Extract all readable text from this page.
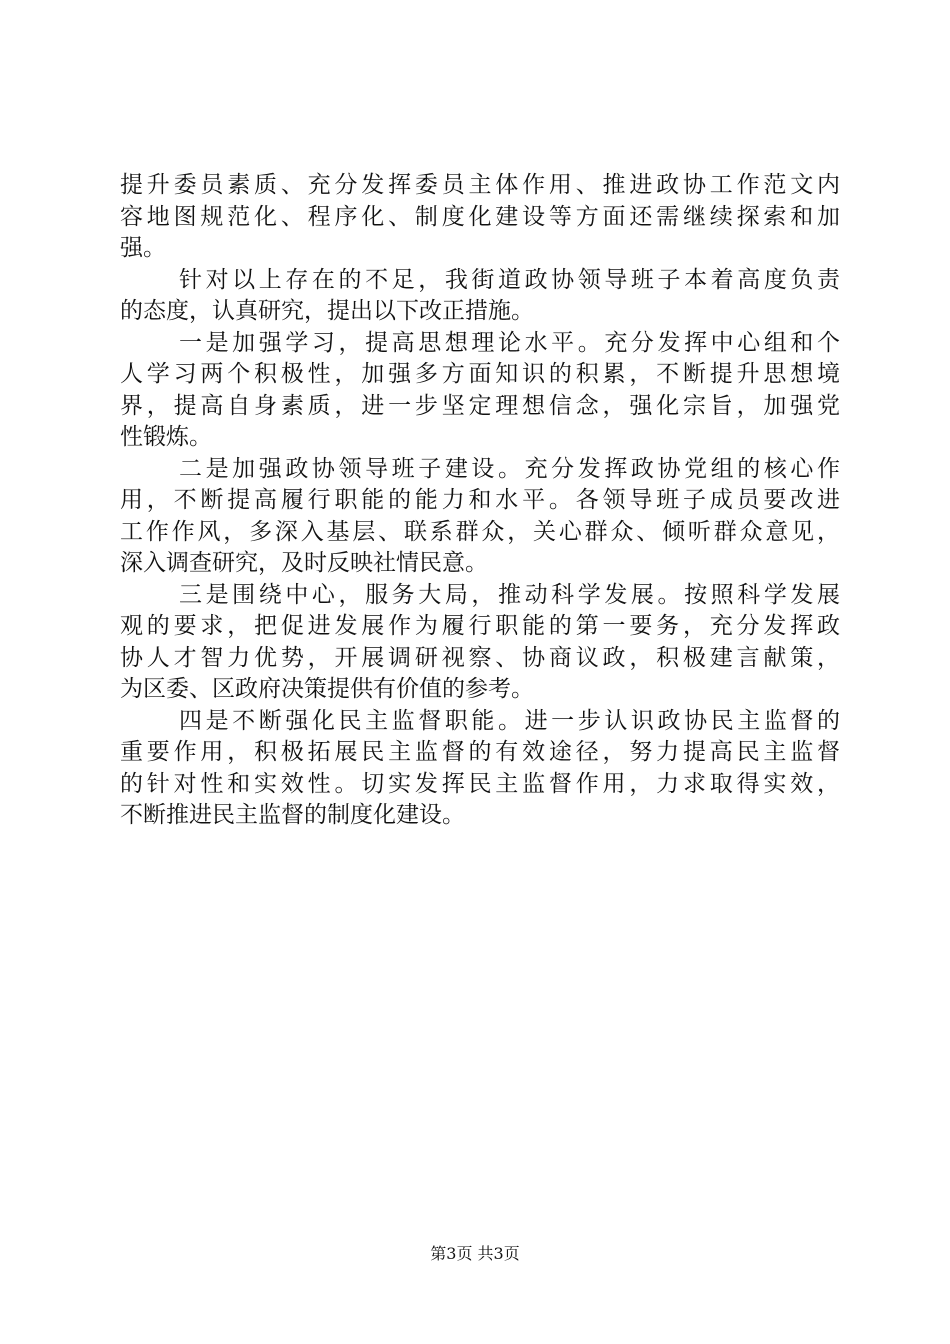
提升委员素质、充分发挥委员主体作用、推进政协工作范文内
容地图规范化、程序化、制度化建设等方面还需继续探索和加
强。
针对以上存在的不足，我街道政协领导班子本着高度负责
的态度，认真研究，提出以下改正措施。
一是加强学习，提高思想理论水平。充分发挥中心组和个
人学习两个积极性，加强多方面知识的积累，不断提升思想境
界，提高自身素质，进一步坚定理想信念，强化宗旨，加强党
性锻炼。
二是加强政协领导班子建设。充分发挥政协党组的核心作
用，不断提高履行职能的能力和水平。各领导班子成员要改进
工作作风，多深入基层、联系群众，关心群众、倾听群众意见，
深入调查研究，及时反映社情民意。
三是围绕中心，服务大局，推动科学发展。按照科学发展
观的要求，把促进发展作为履行职能的第一要务，充分发挥政
协人才智力优势，开展调研视察、协商议政，积极建言献策，
为区委、区政府决策提供有价值的参考。
四是不断强化民主监督职能。进一步认识政协民主监督的
重要作用，积极拓展民主监督的有效途径，努力提高民主监督
的针对性和实效性。切实发挥民主监督作用，力求取得实效，
不断推进民主监督的制度化建设。
第3页 共3页
